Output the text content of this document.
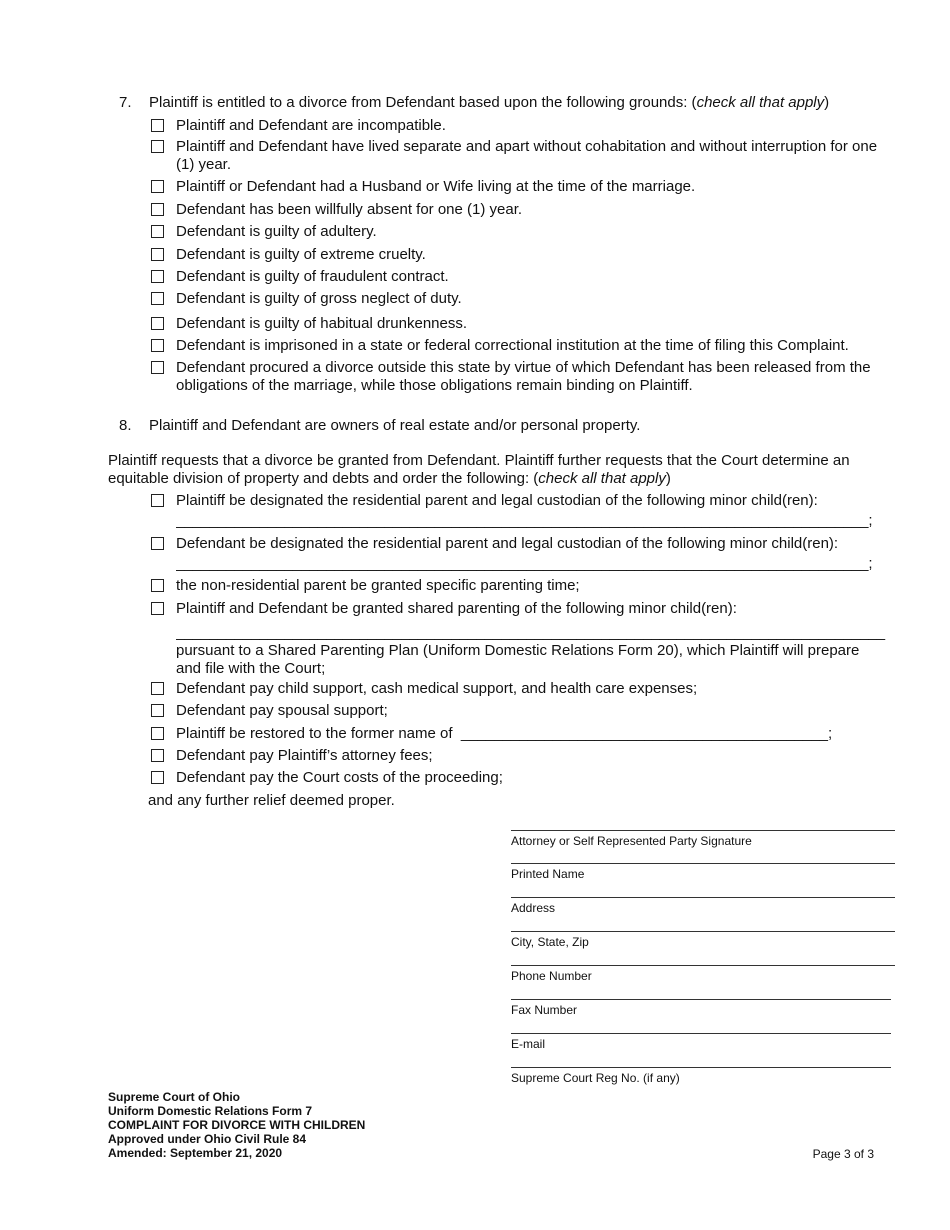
7. Plaintiff is entitled to a divorce from Defendant based upon the following grounds: (check all that apply)
Plaintiff and Defendant are incompatible.
Plaintiff and Defendant have lived separate and apart without cohabitation and without interruption for one (1) year.
Plaintiff or Defendant had a Husband or Wife living at the time of the marriage.
Defendant has been willfully absent for one (1) year.
Defendant is guilty of adultery.
Defendant is guilty of extreme cruelty.
Defendant is guilty of fraudulent contract.
Defendant is guilty of gross neglect of duty.
Defendant is guilty of habitual drunkenness.
Defendant is imprisoned in a state or federal correctional institution at the time of filing this Complaint.
Defendant procured a divorce outside this state by virtue of which Defendant has been released from the obligations of the marriage, while those obligations remain binding on Plaintiff.
8. Plaintiff and Defendant are owners of real estate and/or personal property.
Plaintiff requests that a divorce be granted from Defendant. Plaintiff further requests that the Court determine an equitable division of property and debts and order the following: (check all that apply)
Plaintiff be designated the residential parent and legal custodian of the following minor child(ren):
___________________________________________________________________________________;
Defendant be designated the residential parent and legal custodian of the following minor child(ren):
___________________________________________________________________________________;
the non-residential parent be granted specific parenting time;
Plaintiff and Defendant be granted shared parenting of the following minor child(ren):
_____________________________________________________________________________________
pursuant to a Shared Parenting Plan (Uniform Domestic Relations Form 20), which Plaintiff will prepare and file with the Court;
Defendant pay child support, cash medical support, and health care expenses;
Defendant pay spousal support;
Plaintiff be restored to the former name of ____________________________________________;
Defendant pay Plaintiff’s attorney fees;
Defendant pay the Court costs of the proceeding;
and any further relief deemed proper.
Attorney or Self Represented Party Signature
Printed Name
Address
City, State, Zip
Phone Number
Fax Number
E-mail
Supreme Court Reg No. (if any)
Supreme Court of Ohio
Uniform Domestic Relations Form 7
COMPLAINT FOR DIVORCE WITH CHILDREN
Approved under Ohio Civil Rule 84
Amended: September 21, 2020	Page 3 of 3
